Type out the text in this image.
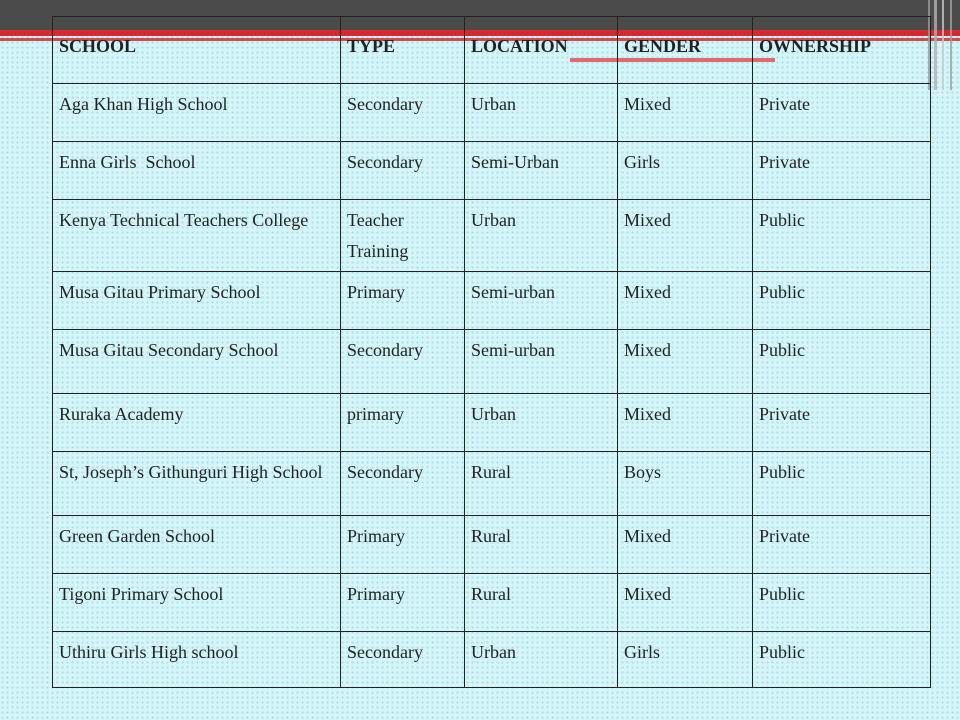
SCHOOL	TYPE	LOCATION	GENDER	OWNERSHIP
Aga Khan High School	Secondary	Urban	Mixed	Private
Enna Girls  School	Secondary	Semi-Urban	Girls	Private
Kenya Technical Teachers College	Teacher Training	Urban	Mixed	Public
Musa Gitau Primary School	Primary	Semi-urban	Mixed	Public
Musa Gitau Secondary School	Secondary	Semi-urban	Mixed	Public
Ruraka Academy	primary	Urban	Mixed	Private
St, Joseph’s Githunguri High School	Secondary	Rural	Boys	Public
Green Garden School	Primary	Rural	Mixed	Private
Tigoni Primary School	Primary	Rural	Mixed	Public
Uthiru Girls High school	Secondary	Urban	Girls	Public
